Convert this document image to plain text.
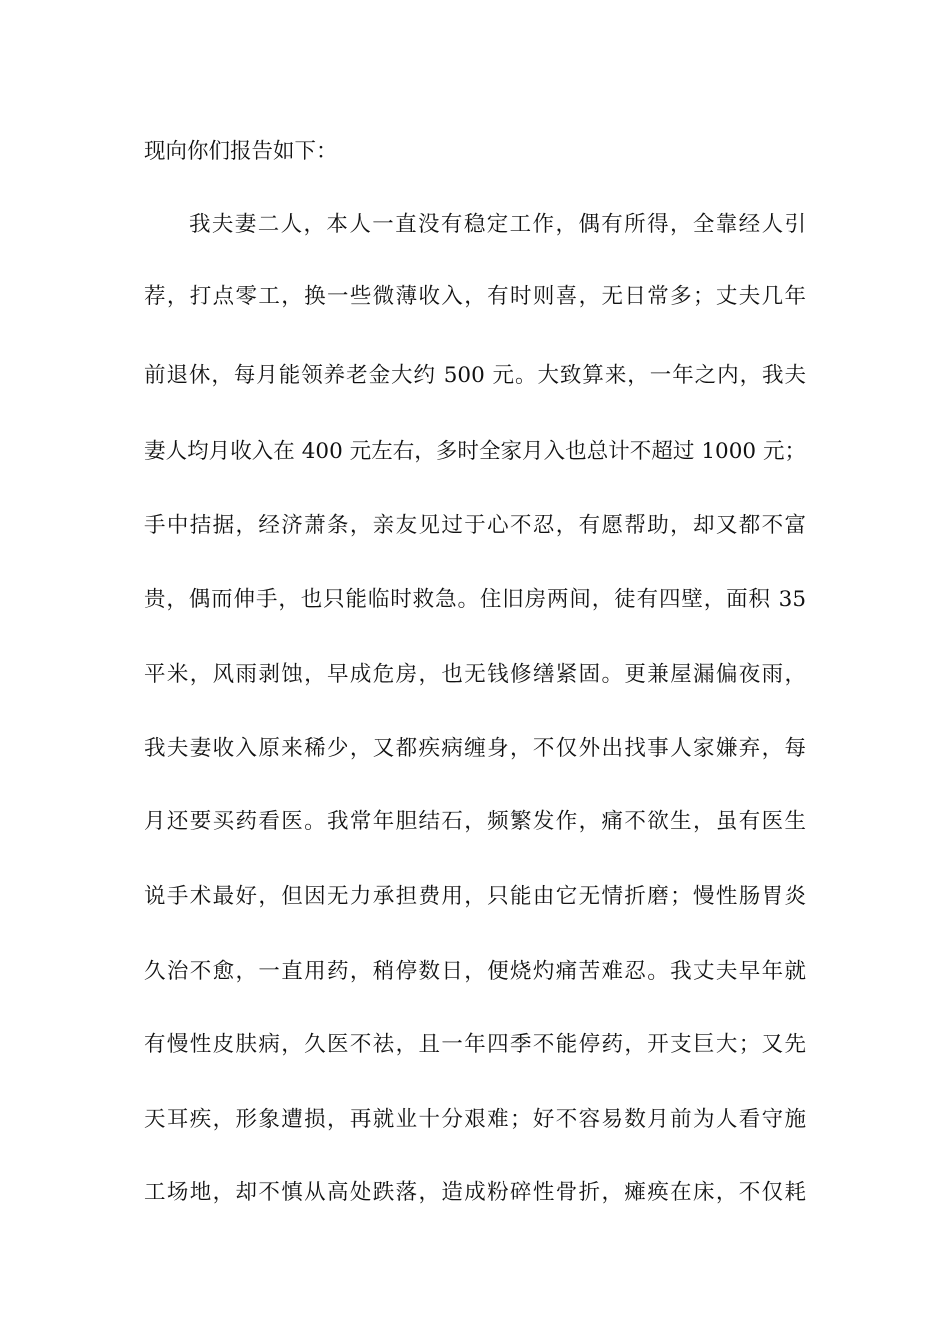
现向你们报告如下：
我夫妻二人，本人一直没有稳定工作，偶有所得，全靠经人引
荐，打点零工，换一些微薄收入，有时则喜，无日常多；丈夫几年
前退休，每月能领养老金大约 500 元。大致算来，一年之内，我夫
妻人均月收入在 400 元左右，多时全家月入也总计不超过 1000 元；
手中拮据，经济萧条，亲友见过于心不忍，有愿帮助，却又都不富
贵，偶而伸手，也只能临时救急。住旧房两间，徒有四壁，面积 35
平米，风雨剥蚀，早成危房，也无钱修缮紧固。更兼屋漏偏夜雨，
我夫妻收入原来稀少，又都疾病缠身，不仅外出找事人家嫌弃，每
月还要买药看医。我常年胆结石，频繁发作，痛不欲生，虽有医生
说手术最好，但因无力承担费用，只能由它无情折磨；慢性肠胃炎
久治不愈，一直用药，稍停数日，便烧灼痛苦难忍。我丈夫早年就
有慢性皮肤病，久医不祛，且一年四季不能停药，开支巨大；又先
天耳疾，形象遭损，再就业十分艰难；好不容易数月前为人看守施
工场地，却不慎从高处跌落，造成粉碎性骨折，瘫痪在床，不仅耗
